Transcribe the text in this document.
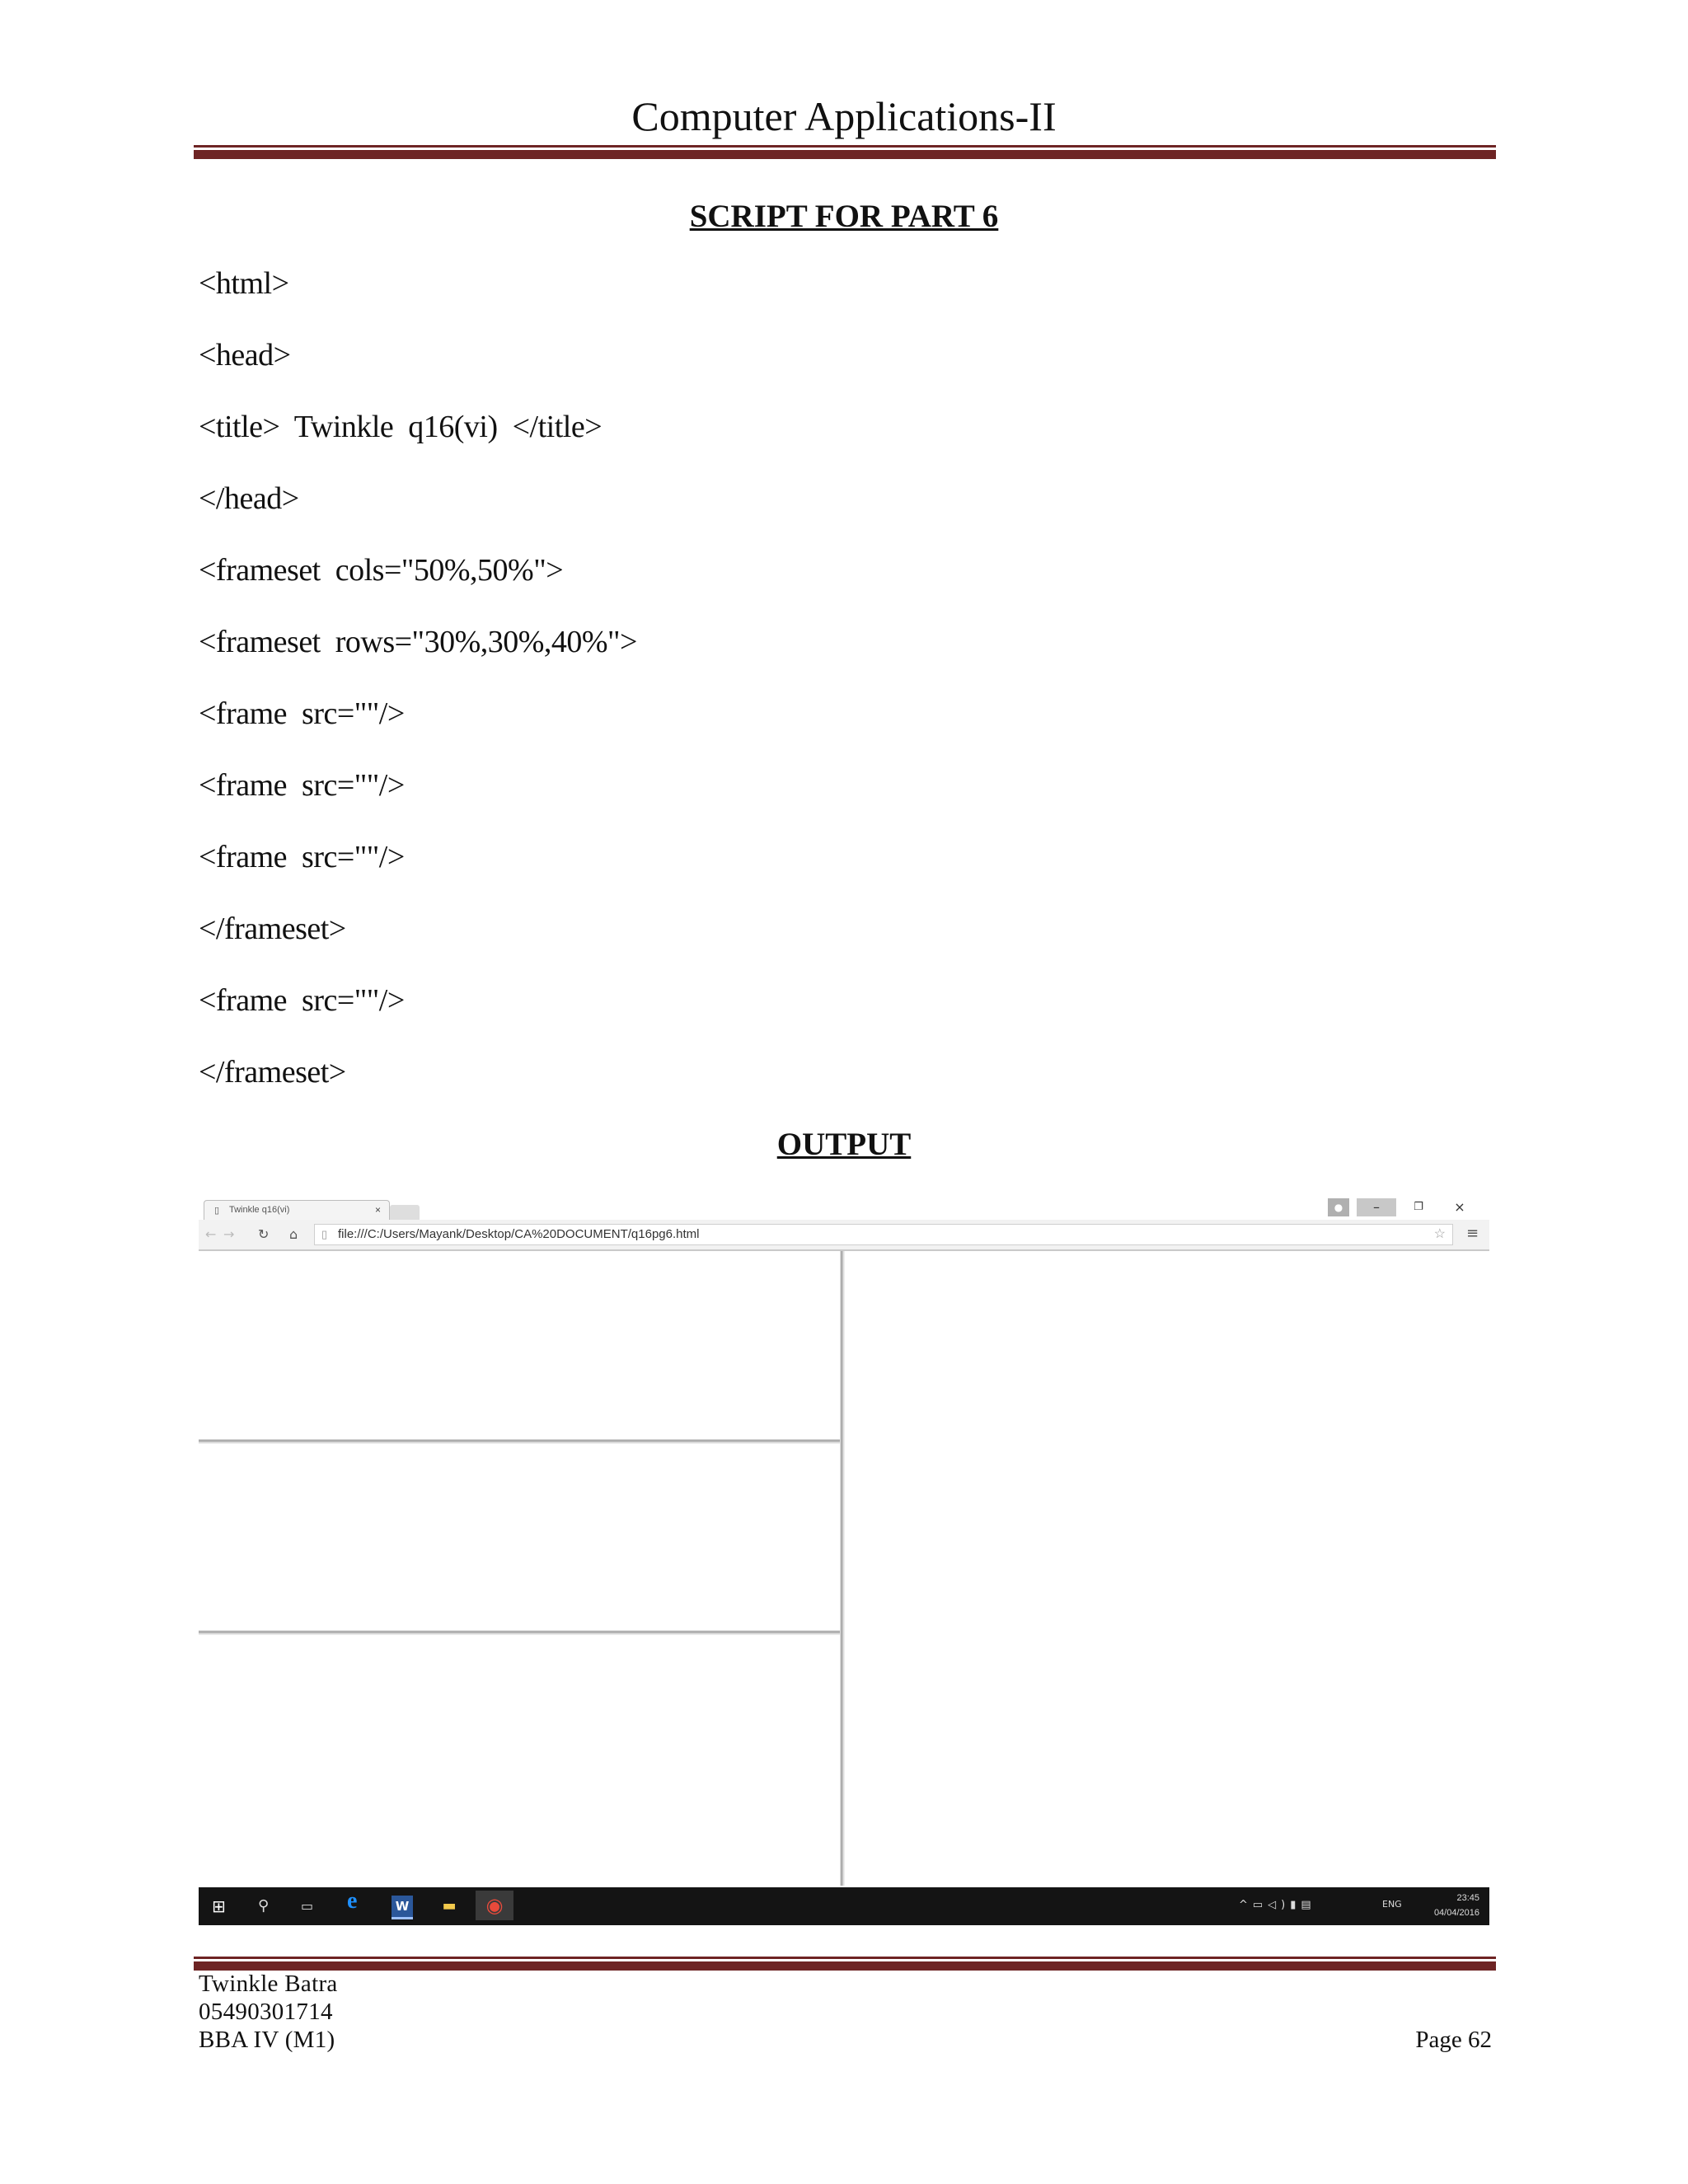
Computer Applications-II
SCRIPT FOR PART 6
<html>
<head>
<title>  Twinkle  q16(vi)  </title>
</head>
<frameset  cols="50%,50%">
<frameset  rows="30%,30%,40%">
<frame  src=""/>
<frame  src=""/>
<frame  src=""/>
</frameset>
<frame  src=""/>
</frameset>
OUTPUT
▯ Twinkle q16(vi)	×	●	–	❐	×
← → ↻ ⌂ ▯ file:///C:/Users/Mayank/Desktop/CA%20DOCUMENT/q16pg6.html	☆ ≡
⊞ ⚲ ▭ e	W	▬	◉	^▭◁)▮▤	ENG
23:45
04/04/2016
Twinkle Batra
05490301714
BBA IV (M1)	Page 62
